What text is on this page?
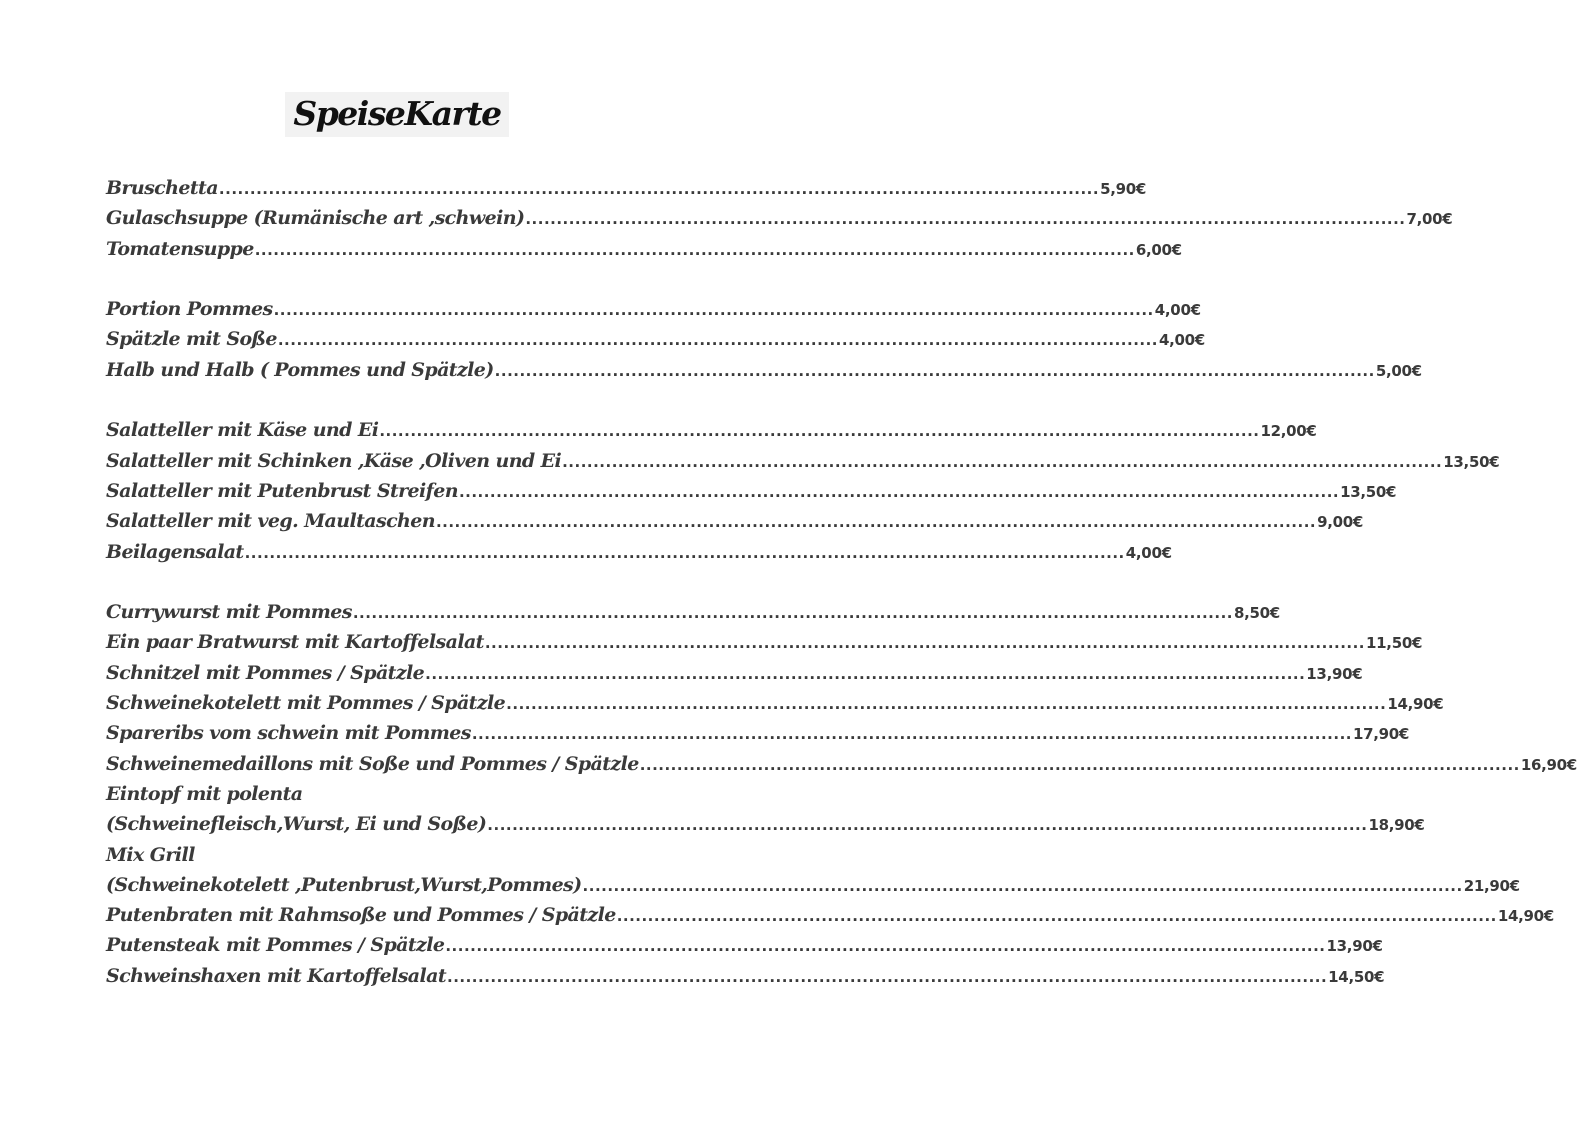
SpeiseKarte
Bruschetta .....	5,90€
Gulaschsuppe (Rumänische art ,schwein) .....	7,00€
Tomatensuppe .....	6,00€
Portion Pommes .....	4,00€
Spätzle mit Soße .....	4,00€
Halb und Halb ( Pommes und Spätzle) .....	5,00€
Salatteller mit Käse und Ei .....	12,00€
Salatteller mit Schinken ,Käse ,Oliven und Ei .....	13,50€
Salatteller mit Putenbrust Streifen .....	13,50€
Salatteller mit veg. Maultaschen .....	9,00€
Beilagensalat .....	4,00€
Currywurst mit Pommes .....	8,50€
Ein paar Bratwurst mit Kartoffelsalat .....	11,50€
Schnitzel mit Pommes / Spätzle .....	13,90€
Schweinekotelett mit Pommes / Spätzle .....	14,90€
Spareribs vom schwein mit Pommes .....	17,90€
Schweinemedaillons mit Soße und Pommes / Spätzle .....	16,90€
Eintopf mit polenta
(Schweinefleisch,Wurst, Ei und Soße) .....	18,90€
Mix Grill
(Schweinekotelett ,Putenbrust,Wurst,Pommes) .....	21,90€
Putenbraten mit Rahmsoße und Pommes / Spätzle .....	14,90€
Putensteak mit Pommes / Spätzle .....	13,90€
Schweinshaxen mit Kartoffelsalat .....	14,50€
